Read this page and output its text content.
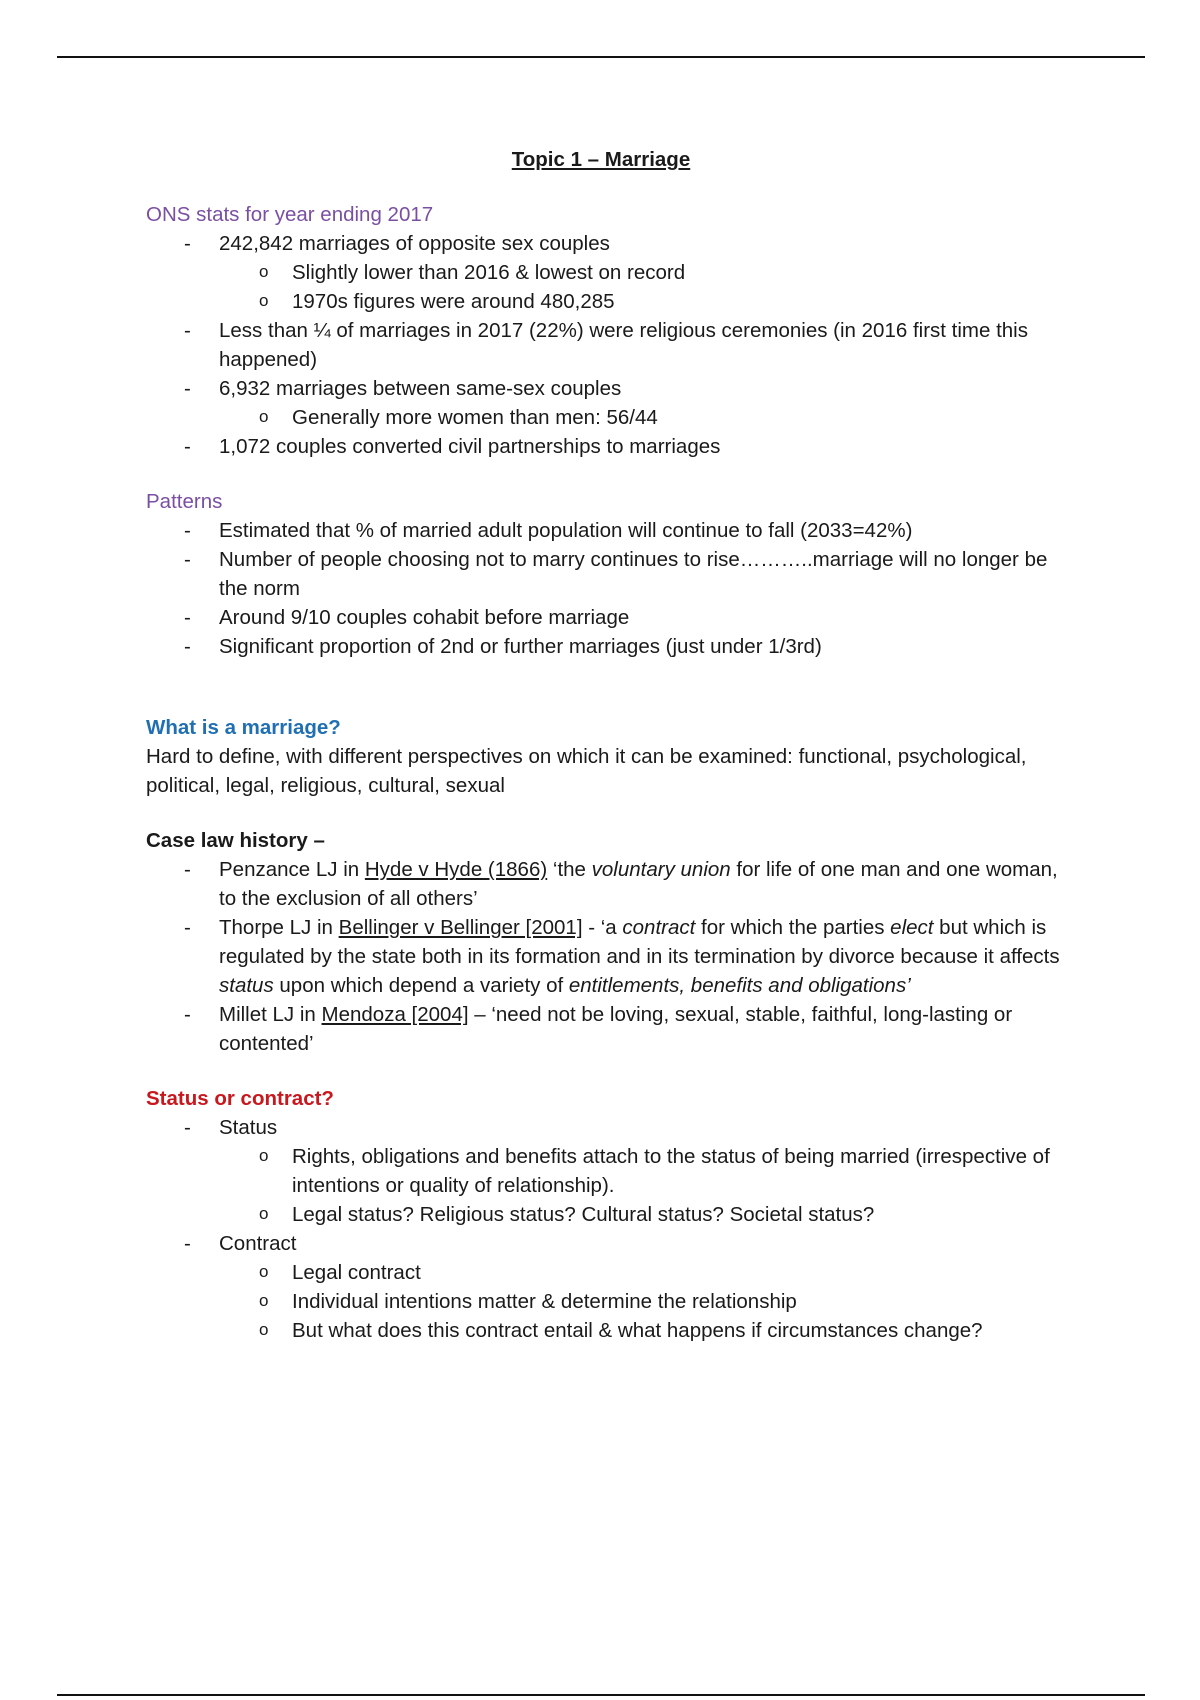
Topic 1 – Marriage

ONS stats for year ending 2017
- 242,842 marriages of opposite sex couples
o Slightly lower than 2016 & lowest on record
o 1970s figures were around 480,285
- Less than ¼ of marriages in 2017 (22%) were religious ceremonies (in 2016 first time this happened)
- 6,932 marriages between same-sex couples
o Generally more women than men: 56/44
- 1,072 couples converted civil partnerships to marriages
Patterns
- Estimated that % of married adult population will continue to fall (2033=42%)
- Number of people choosing not to marry continues to rise………..marriage will no longer be the norm
- Around 9/10 couples cohabit before marriage
- Significant proportion of 2nd or further marriages (just under 1/3rd)
What is a marriage?

Hard to define, with different perspectives on which it can be examined: functional, psychological, political, legal, religious, cultural, sexual

Case law history –
- Penzance LJ in Hyde v Hyde (1866) ‘the voluntary union for life of one man and one woman, to the exclusion of all others’
- Thorpe LJ in Bellinger v Bellinger [2001] - ‘a contract for which the parties elect but which is regulated by the state both in its formation and in its termination by divorce because it affects status upon which depend a variety of entitlements, benefits and obligations’
- Millet LJ in Mendoza [2004] – ‘need not be loving, sexual, stable, faithful, long-lasting or contented’
Status or contract?
- Status
o Rights, obligations and benefits attach to the status of being married (irrespective of intentions or quality of relationship).
o Legal status? Religious status? Cultural status? Societal status?
- Contract
o Legal contract
o Individual intentions matter & determine the relationship
o But what does this contract entail & what happens if circumstances change?
